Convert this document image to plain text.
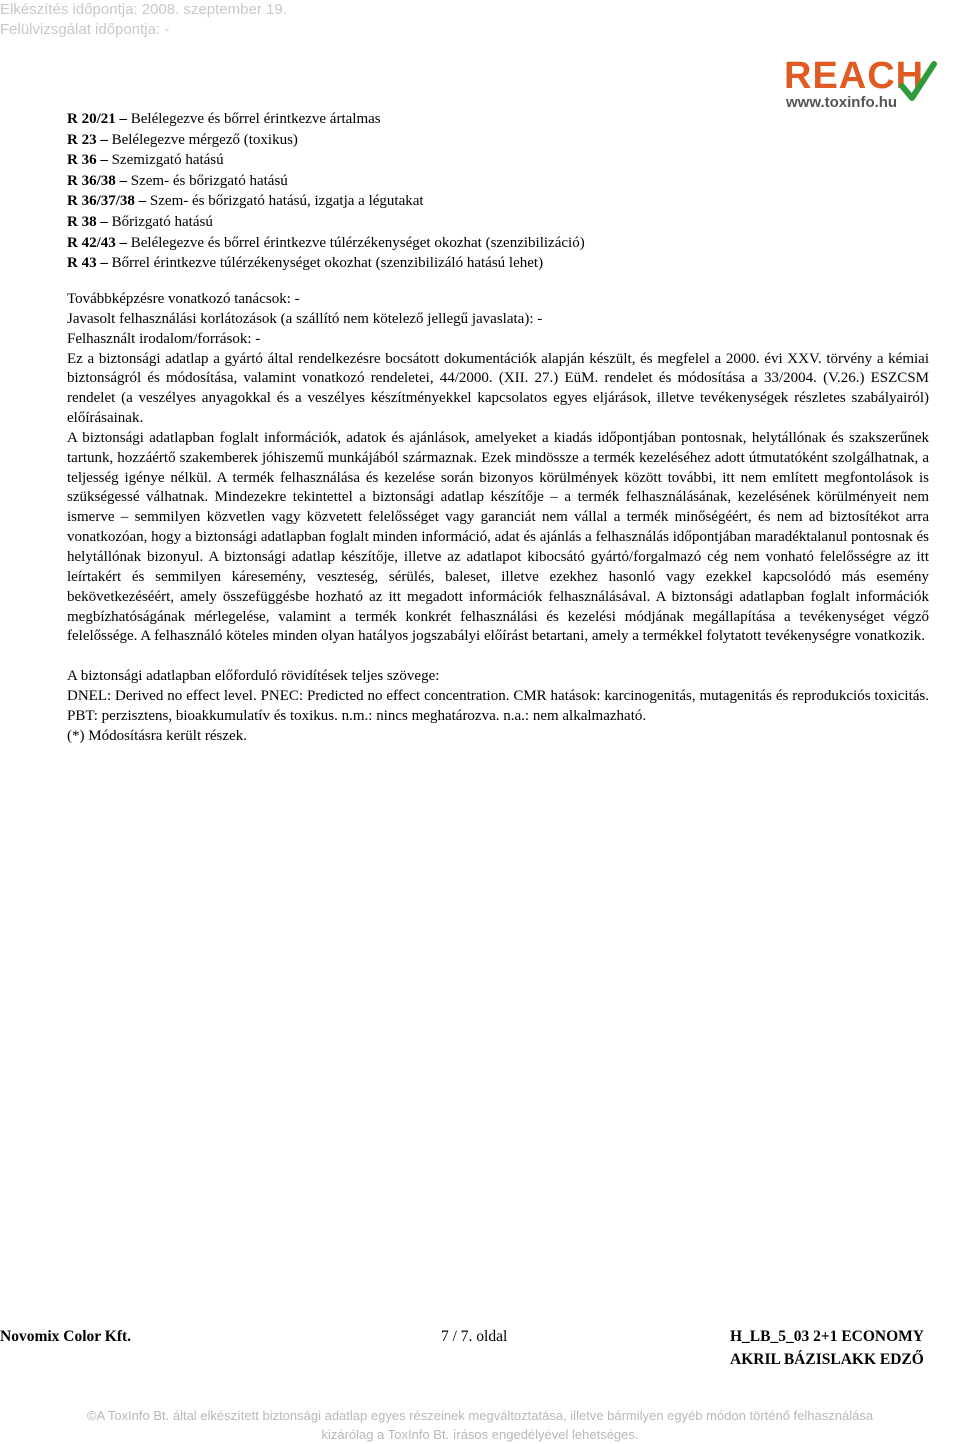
Elkészítés időpontja: 2008. szeptember 19.
Felülvizsgálat időpontja: -
REACH
www.toxinfo.hu
R 20/21 – Belélegezve és bőrrel érintkezve ártalmas
R 23 – Belélegezve mérgező (toxikus)
R 36 – Szemizgató hatású
R 36/38 – Szem- és bőrizgató hatású
R 36/37/38 – Szem- és bőrizgató hatású, izgatja a légutakat
R 38 – Bőrizgató hatású
R 42/43 – Belélegezve és bőrrel érintkezve túlérzékenységet okozhat (szenzibilizáció)
R 43 – Bőrrel érintkezve túlérzékenységet okozhat (szenzibilizáló hatású lehet)

Továbbképzésre vonatkozó tanácsok: -

Javasolt felhasználási korlátozások (a szállító nem kötelező jellegű javaslata): -

Felhasznált irodalom/források: -

Ez a biztonsági adatlap a gyártó által rendelkezésre bocsátott dokumentációk alapján készült, és megfelel a 2000. évi XXV. törvény a kémiai biztonságról és módosítása, valamint vonatkozó rendeletei, 44/2000. (XII. 27.) EüM. rendelet és módosítása a 33/2004. (V.26.) ESZCSM rendelet (a veszélyes anyagokkal és a veszélyes készítményekkel kapcsolatos egyes eljárások, illetve tevékenységek részletes szabályairól) előírásainak.

A biztonsági adatlapban foglalt információk, adatok és ajánlások, amelyeket a kiadás időpontjában pontosnak, helytállónak és szakszerűnek tartunk, hozzáértő szakemberek jóhiszemű munkájából származnak. Ezek mindössze a termék kezeléséhez adott útmutatóként szolgálhatnak, a teljesség igénye nélkül. A termék felhasználása és kezelése során bizonyos körülmények között további, itt nem említett megfontolások is szükségessé válhatnak. Mindezekre tekintettel a biztonsági adatlap készítője – a termék felhasználásának, kezelésének körülményeit nem ismerve – semmilyen közvetlen vagy közvetett felelősséget vagy garanciát nem vállal a termék minőségéért, és nem ad biztosítékot arra vonatkozóan, hogy a biztonsági adatlapban foglalt minden információ, adat és ajánlás a felhasználás időpontjában maradéktalanul pontosnak és helytállónak bizonyul. A biztonsági adatlap készítője, illetve az adatlapot kibocsátó gyártó/forgalmazó cég nem vonható felelősségre az itt leírtakért és semmilyen káresemény, veszteség, sérülés, baleset, illetve ezekhez hasonló vagy ezekkel kapcsolódó más esemény bekövetkezéséért, amely összefüggésbe hozható az itt megadott információk felhasználásával. A biztonsági adatlapban foglalt információk megbízhatóságának mérlegelése, valamint a termék konkrét felhasználási és kezelési módjának megállapítása a tevékenységet végző felelőssége. A felhasználó köteles minden olyan hatályos jogszabályi előírást betartani, amely a termékkel folytatott tevékenységre vonatkozik.

A biztonsági adatlapban előforduló rövidítések teljes szövege:

DNEL: Derived no effect level. PNEC: Predicted no effect concentration. CMR hatások: karcinogenitás, mutagenitás és reprodukciós toxicitás. PBT: perzisztens, bioakkumulatív és toxikus. n.m.: nincs meghatározva. n.a.: nem alkalmazható.

(*) Módosításra került részek.

Novomix Color Kft.	7 / 7. oldal	H_LB_5_03 2+1 ECONOMY
AKRIL BÁZISLAKK EDZŐ
©A ToxInfo Bt. által elkészített biztonsági adatlap egyes részeinek megváltoztatása, illetve bármilyen egyéb módon történő felhasználása
kizárólag a ToxInfo Bt. írásos engedélyével lehetséges.
